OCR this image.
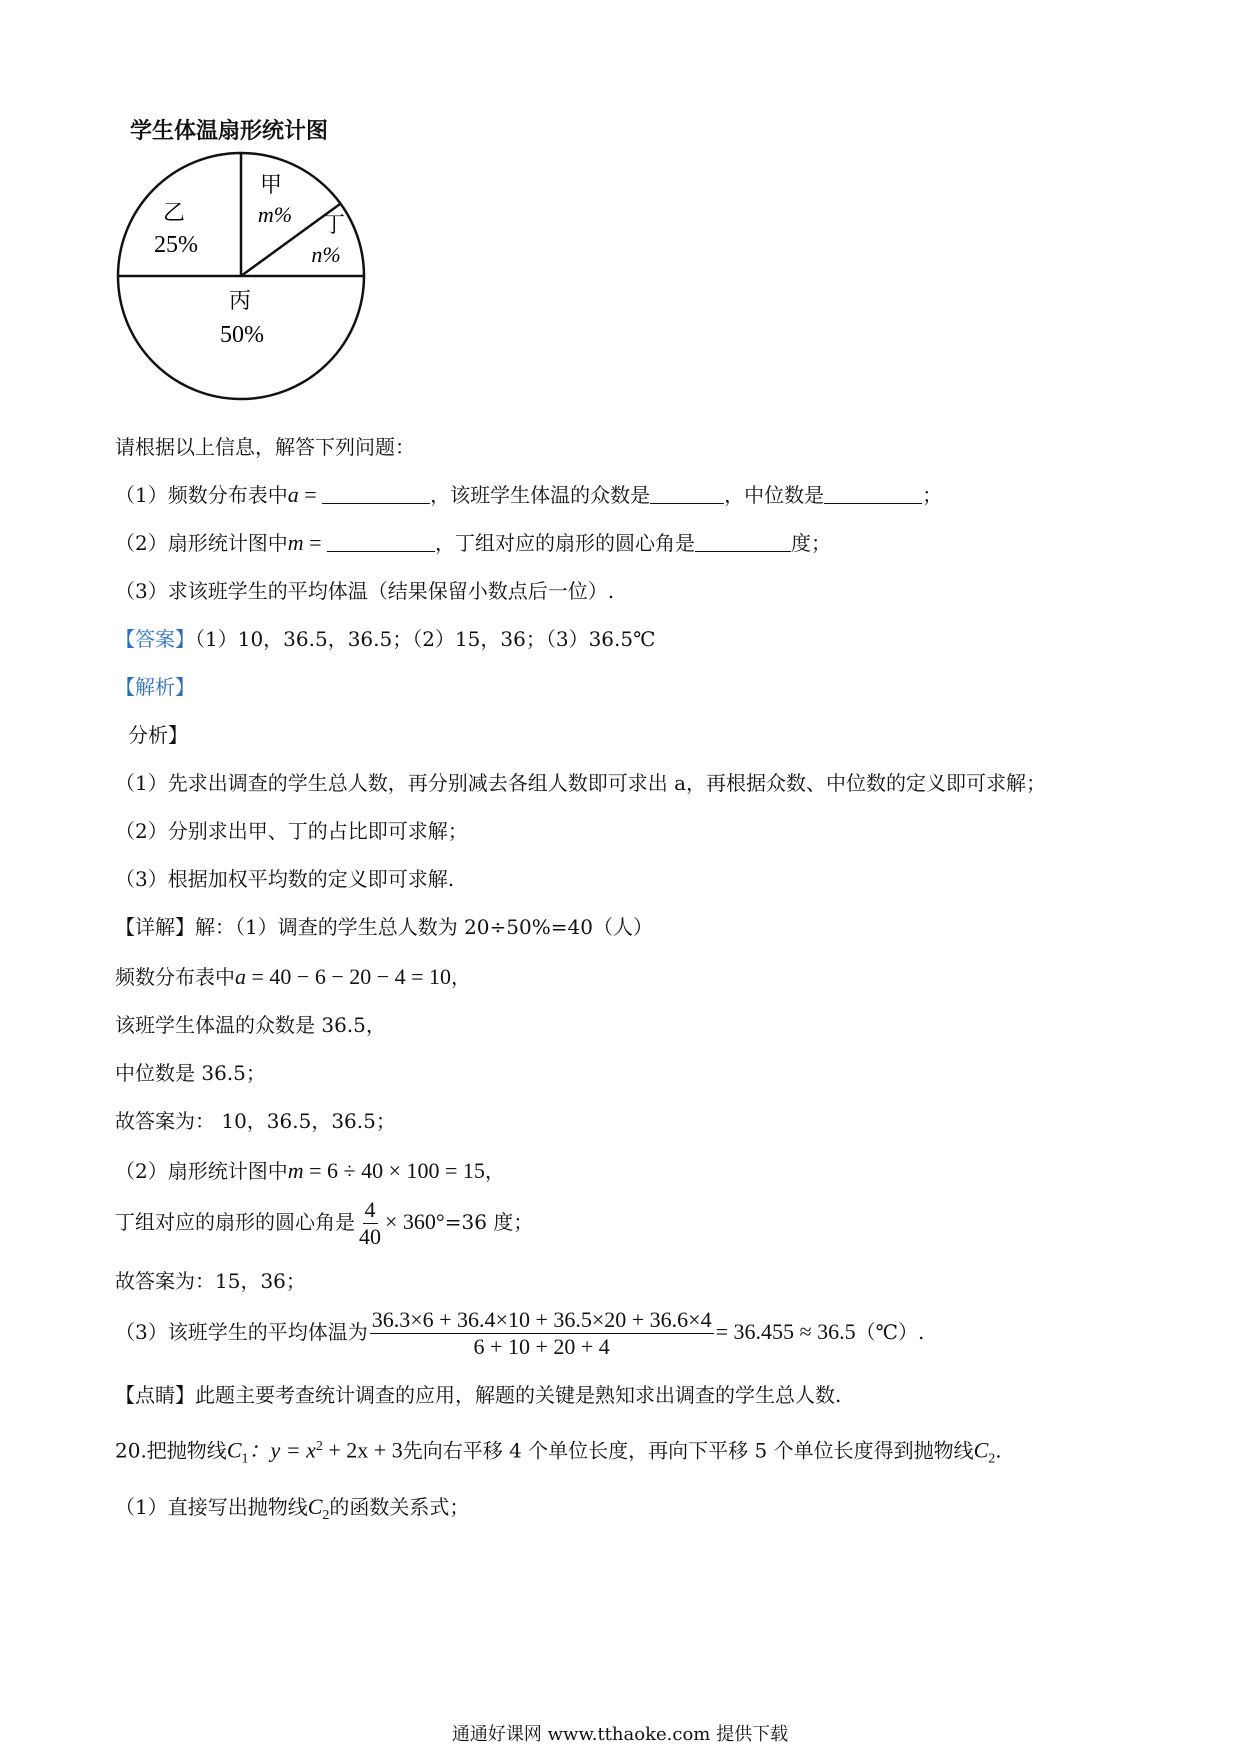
学生体温扇形统计图
甲
m% 丁
n%
乙
25%
丙
50%
请根据以上信息，解答下列问题：
（1）频数分布表中a =	，该班学生体温的众数是	，中位数是	；
（2）扇形统计图中m =	，丁组对应的扇形的圆心角是	度；
（3）求该班学生的平均体温（结果保留小数点后一位）.
【答案】（1）10，36.5，36.5；（2）15，36；（3）36.5℃
【解析】
分析】
（1）先求出调查的学生总人数，再分别减去各组人数即可求出 a，再根据众数、中位数的定义即可求解；
（2）分别求出甲、丁的占比即可求解；
（3）根据加权平均数的定义即可求解.
【详解】解：（1）调查的学生总人数为 20÷50%=40（人）
频数分布表中a = 40 − 6 − 20 − 4 = 10，
该班学生体温的众数是 36.5，
中位数是 36.5；
故答案为： 10，36.5，36.5；
（2）扇形统计图中m = 6 ÷ 40 × 100 = 15，
丁组对应的扇形的圆心角是 $\frac{4}{40} \times 360^\circ=36$ 度；
故答案为：15，36；
（3）该班学生的平均体温为 $\frac{36.3\times 6 + 36.4\times 10 + 36.5\times 20 + 36.6\times 4}{6 + 10 + 20 + 4} = 36.455$ ≈ 36.5（℃）.
【点睛】此题主要考查统计调查的应用，解题的关键是熟知求出调查的学生总人数.
20.把抛物线$C_1$：$y = x^2 + 2x + 3$先向右平移 4 个单位长度，再向下平移 5 个单位长度得到抛物线$C_2$.
（1）直接写出抛物线$C_2$的函数关系式；
通通好课网 www.tthaoke.com 提供下载
